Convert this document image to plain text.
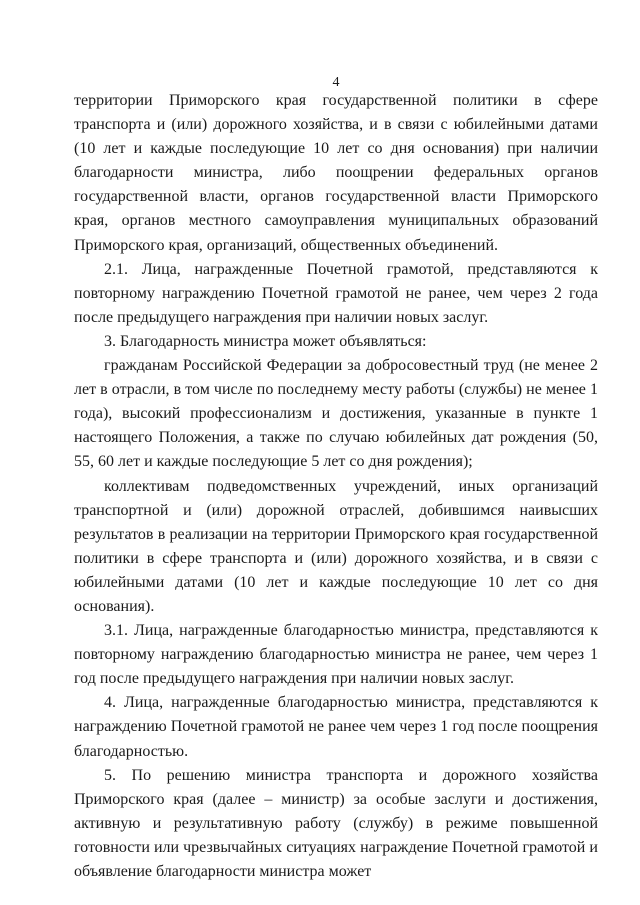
4

территории Приморского края государственной политики в сфере транспорта и (или) дорожного хозяйства, и в связи с юбилейными датами (10 лет и каждые последующие 10 лет со дня основания) при наличии благодарности министра, либо поощрении федеральных органов государственной власти, органов государственной власти Приморского края, органов местного самоуправления муниципальных образований Приморского края, организаций, общественных объединений.

2.1. Лица, награжденные Почетной грамотой, представляются к повторному награждению Почетной грамотой не ранее, чем через 2 года после предыдущего награждения при наличии новых заслуг.

3. Благодарность министра может объявляться:

гражданам Российской Федерации за добросовестный труд (не менее 2 лет в отрасли, в том числе по последнему месту работы (службы) не менее 1 года), высокий профессионализм и достижения, указанные в пункте 1 настоящего Положения, а также по случаю юбилейных дат рождения (50, 55, 60 лет и каждые последующие 5 лет со дня рождения);

коллективам подведомственных учреждений, иных организаций транспортной и (или) дорожной отраслей, добившимся наивысших результатов в реализации на территории Приморского края государственной политики в сфере транспорта и (или) дорожного хозяйства, и в связи с юбилейными датами (10 лет и каждые последующие 10 лет со дня основания).

3.1. Лица, награжденные благодарностью министра, представляются к повторному награждению благодарностью министра не ранее, чем через 1 год после предыдущего награждения при наличии новых заслуг.

4. Лица, награжденные благодарностью министра, представляются к награждению Почетной грамотой не ранее чем через 1 год после поощрения благодарностью.

5. По решению министра транспорта и дорожного хозяйства Приморского края (далее – министр) за особые заслуги и достижения, активную и результативную работу (службу) в режиме повышенной готовности или чрезвычайных ситуациях награждение Почетной грамотой и объявление благодарности министра может
